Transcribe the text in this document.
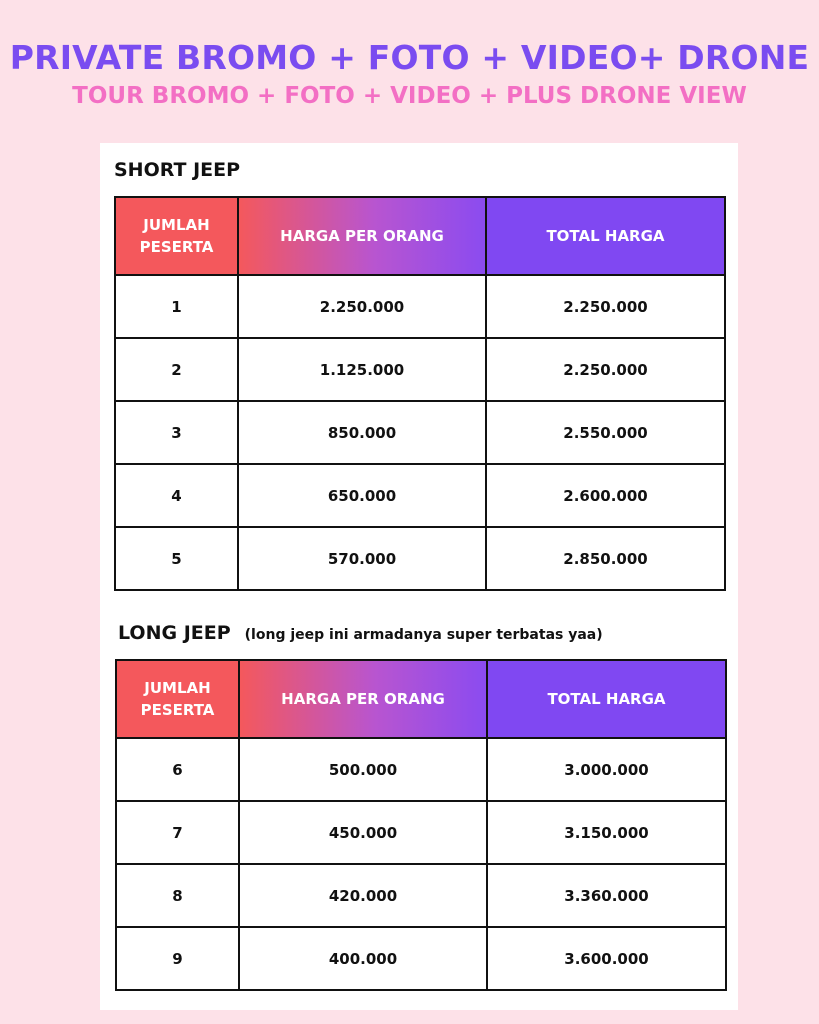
PRIVATE BROMO + FOTO + VIDEO+ DRONE
TOUR BROMO + FOTO + VIDEO + PLUS DRONE VIEW
SHORT JEEP
JUMLAH PESERTA	HARGA PER ORANG	TOTAL HARGA
1	2.250.000	2.250.000
2	1.125.000	2.250.000
3	850.000	2.550.000
4	650.000	2.600.000
5	570.000	2.850.000
LONG JEEP (long jeep ini armadanya super terbatas yaa)
JUMLAH PESERTA	HARGA PER ORANG	TOTAL HARGA
6	500.000	3.000.000
7	450.000	3.150.000
8	420.000	3.360.000
9	400.000	3.600.000
